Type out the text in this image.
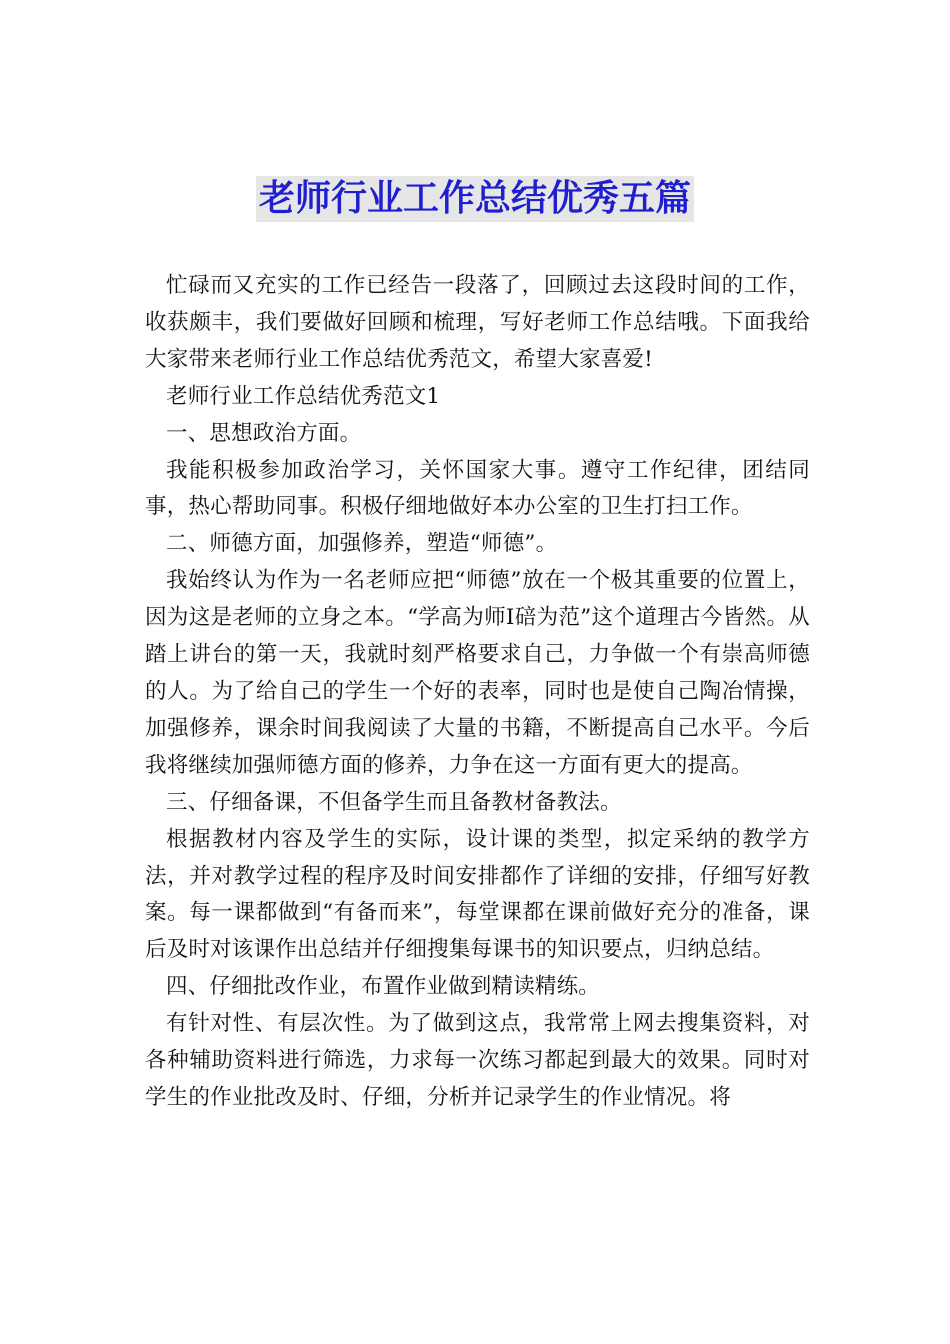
老师行业工作总结优秀五篇

忙碌而又充实的工作已经告一段落了，回顾过去这段时间的工作，收获颇丰，我们要做好回顾和梳理，写好老师工作总结哦。下面我给大家带来老师行业工作总结优秀范文，希望大家喜爱!

老师行业工作总结优秀范文1

一、思想政治方面。

我能积极参加政治学习，关怀国家大事。遵守工作纪律，团结同事，热心帮助同事。积极仔细地做好本办公室的卫生打扫工作。

二、师德方面，加强修养，塑造“师德”。

我始终认为作为一名老师应把“师德”放在一个极其重要的位置上，因为这是老师的立身之本。“学高为师Ι碚为范”这个道理古今皆然。从踏上讲台的第一天，我就时刻严格要求自己，力争做一个有崇高师德的人。为了给自己的学生一个好的表率，同时也是使自己陶冶情操，加强修养，课余时间我阅读了大量的书籍，不断提高自己水平。今后我将继续加强师德方面的修养，力争在这一方面有更大的提高。

三、仔细备课，不但备学生而且备教材备教法。

根据教材内容及学生的实际，设计课的类型，拟定采纳的教学方法，并对教学过程的程序及时间安排都作了详细的安排，仔细写好教案。每一课都做到“有备而来”，每堂课都在课前做好充分的准备，课后及时对该课作出总结并仔细搜集每课书的知识要点，归纳总结。

四、仔细批改作业，布置作业做到精读精练。

有针对性、有层次性。为了做到这点，我常常上网去搜集资料，对各种辅助资料进行筛选，力求每一次练习都起到最大的效果。同时对学生的作业批改及时、仔细，分析并记录学生的作业情况。将
